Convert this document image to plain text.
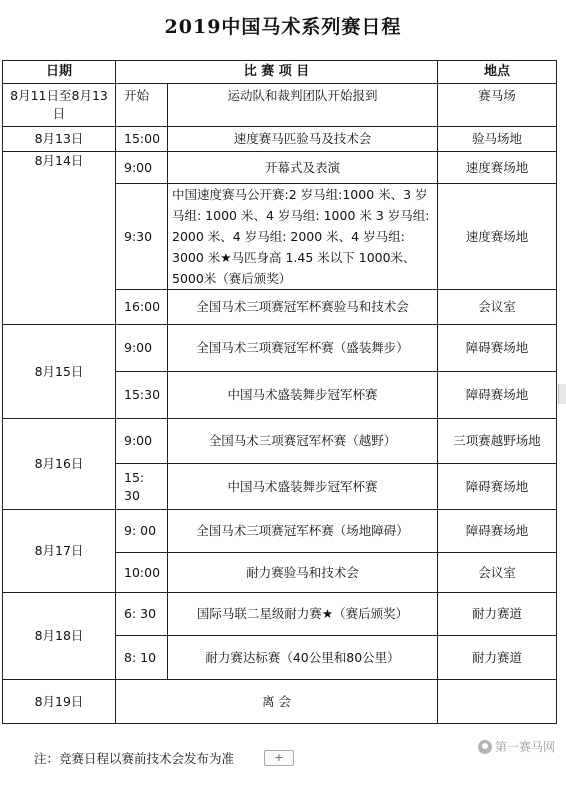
2019中国马术系列赛日程
日期	比 赛 项 目		地点
8月11日至8月13日	开始	运动队和裁判团队开始报到	赛马场
8月13日	15:00	速度赛马匹验马及技术会	验马场地
8月14日	9:00	开幕式及表演	速度赛场地
	9:30	中国速度赛马公开赛:2 岁马组:1000 米、3 岁马组: 1000 米、4 岁马组: 1000 米 3 岁马组: 2000 米、4 岁马组: 2000 米、4 岁马组: 3000 米★马匹身高 1.45 米以下 1000米、5000米（赛后颁奖）	速度赛场地
	16:00	全国马术三项赛冠军杯赛验马和技术会	会议室
8月15日	9:00	全国马术三项赛冠军杯赛（盛装舞步）	障碍赛场地
	15:30	中国马术盛装舞步冠军杯赛	障碍赛场地
8月16日	9:00	全国马术三项赛冠军杯赛（越野）	三项赛越野场地
	15: 30	中国马术盛装舞步冠军杯赛	障碍赛场地
8月17日	9: 00	全国马术三项赛冠军杯赛（场地障碍）	障碍赛场地
	10:00	耐力赛验马和技术会	会议室
8月18日	6: 30	国际马联二星级耐力赛★（赛后颁奖）	耐力赛道
	8: 10	耐力赛达标赛（40公里和80公里）	耐力赛道
8月19日	离 会		
注：竞赛日程以赛前技术会发布为准	+
第一赛马网
